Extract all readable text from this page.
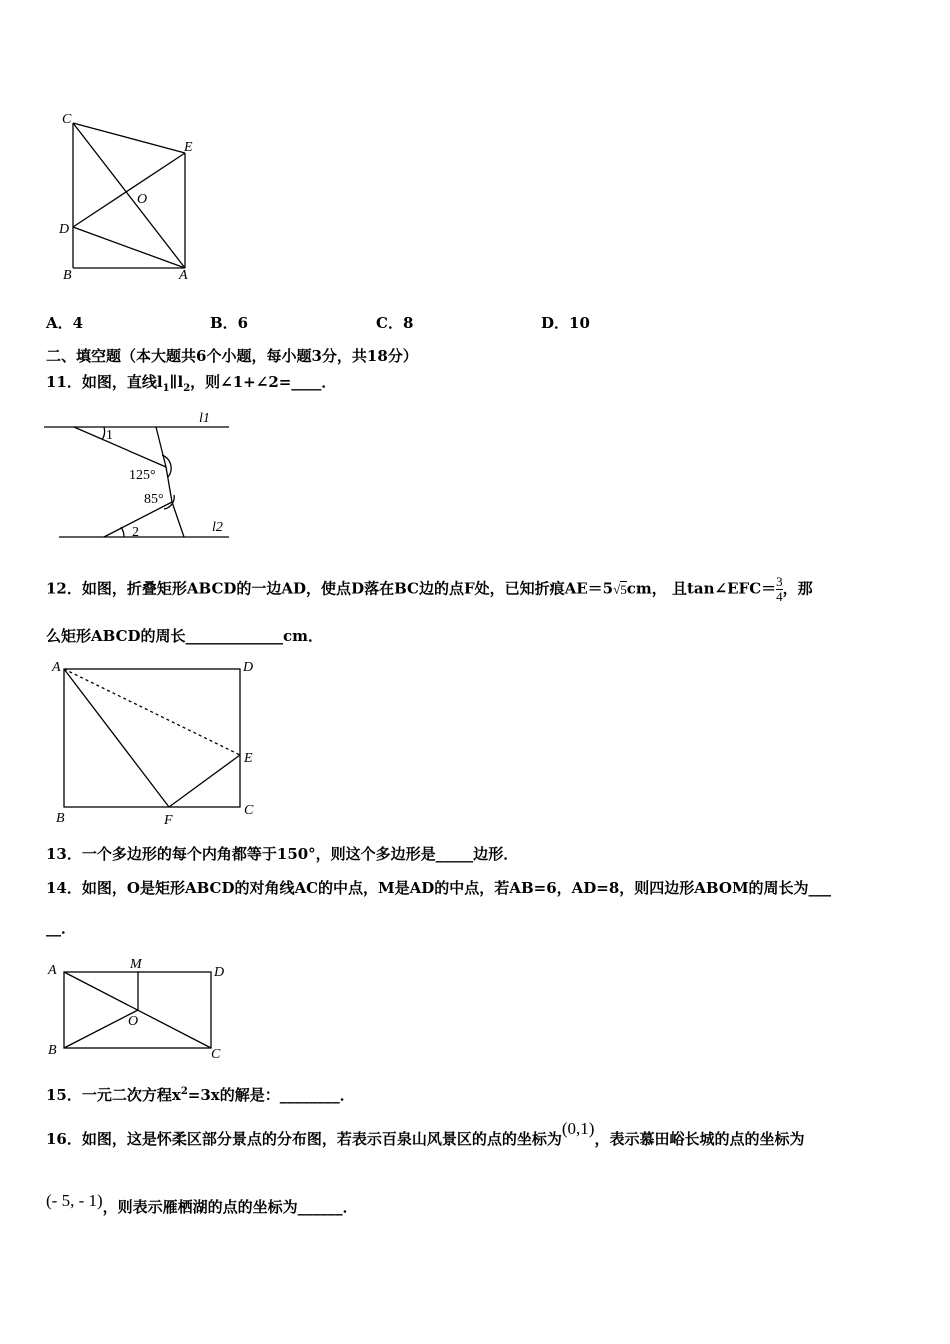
C
E
O
D
B	A
A．4	B．6	C．8	D．10
二、填空题（本大题共6个小题，每小题3分，共18分）
11．如图，直线$l_1\parallel l_2$，则∠1+∠2=____．
l1
l2
1
125°
85°
2
12．如图，折叠矩形ABCD的一边AD，使点D落在BC边的点F处，已知折痕AE＝5√5cm， 且tan∠EFC＝ $\frac{3}{4}$ ，那
么矩形ABCD的周长_____________cm．
A	D
E
B	F
C
13．一个多边形的每个内角都等于150°，则这个多边形是_____边形．
14．如图，O是矩形ABCD的对角线AC的中点，M是AD的中点，若AB=6，AD=8，则四边形ABOM的周长为___
__．
A	M
D
O
B	C
15．一元二次方程$x^2=3x$的解是：________．
16．如图，这是怀柔区部分景点的分布图，若表示百泉山风景区的点的坐标为(0,1)，表示慕田峪长城的点的坐标为
(- 5, - 1)，则表示雁栖湖的点的坐标为______．
